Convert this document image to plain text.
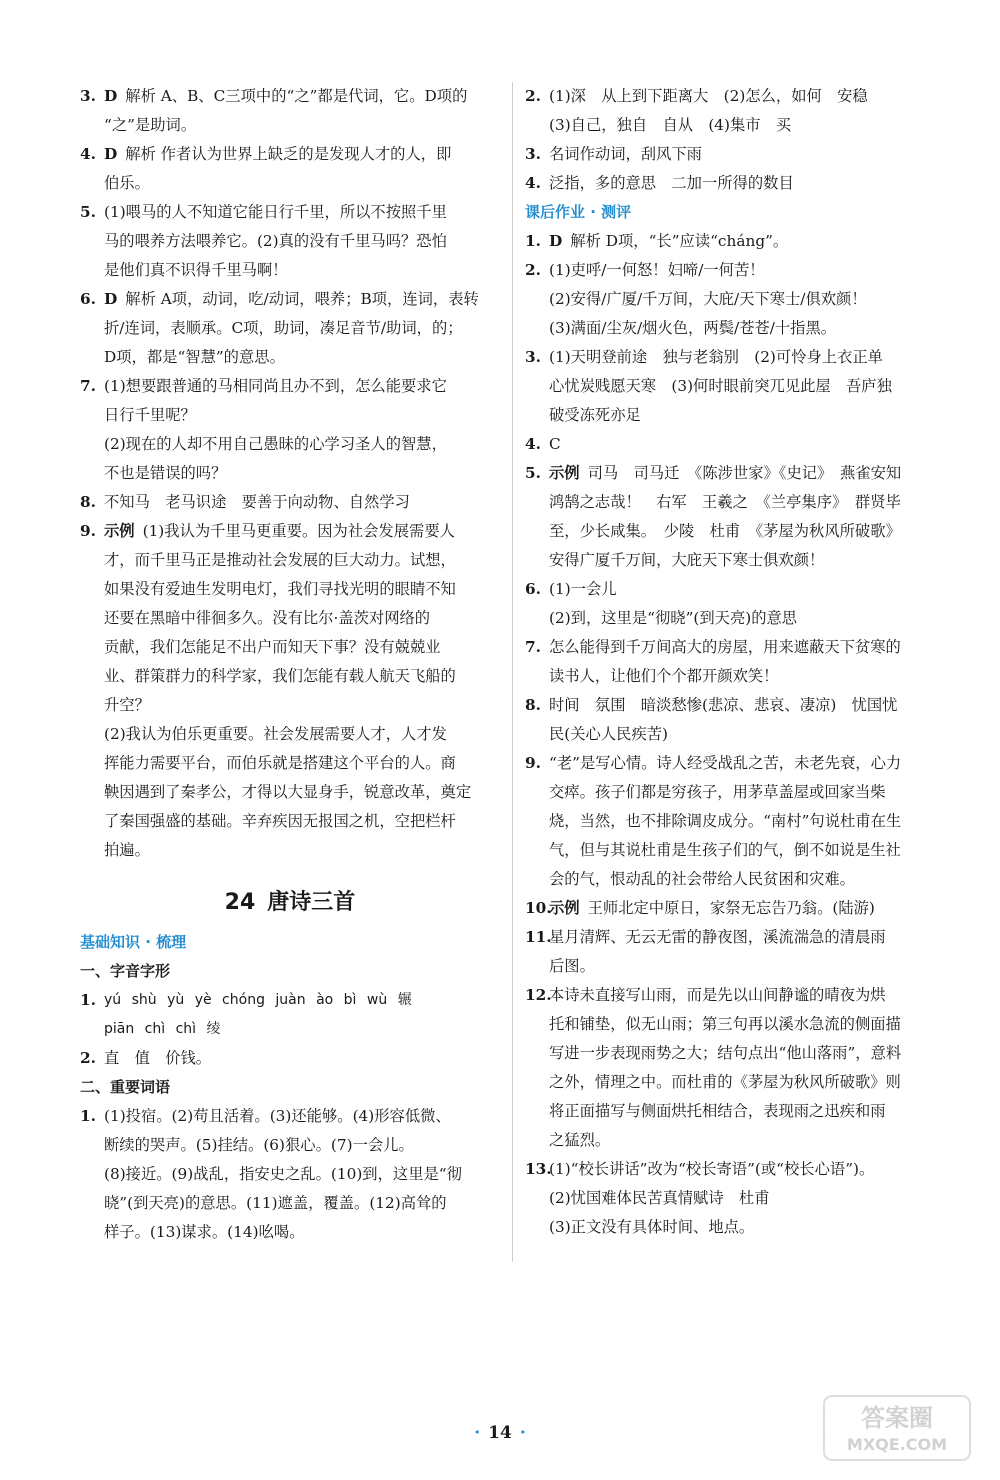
3. D 解析 A、B、C三项中的“之”都是代词，它。D项的
“之”是助词。
4. D 解析 作者认为世界上缺乏的是发现人才的人，即
伯乐。
5. (1)喂马的人不知道它能日行千里，所以不按照千里
马的喂养方法喂养它。(2)真的没有千里马吗？恐怕
是他们真不识得千里马啊！
6. D 解析 A项，动词，吃/动词，喂养；B项，连词，表转
折/连词，表顺承。C项，助词，凑足音节/助词，的；
D项，都是“智慧”的意思。
7. (1)想要跟普通的马相同尚且办不到，怎么能要求它
日行千里呢？
(2)现在的人却不用自己愚昧的心学习圣人的智慧，
不也是错误的吗？
8. 不知马　老马识途　要善于向动物、自然学习
9. 示例 (1)我认为千里马更重要。因为社会发展需要人
才，而千里马正是推动社会发展的巨大动力。试想，
如果没有爱迪生发明电灯，我们寻找光明的眼睛不知
还要在黑暗中徘徊多久。没有比尔·盖茨对网络的
贡献，我们怎能足不出户而知天下事？没有兢兢业
业、群策群力的科学家，我们怎能有载人航天飞船的
升空？
(2)我认为伯乐更重要。社会发展需要人才，人才发
挥能力需要平台，而伯乐就是搭建这个平台的人。商
鞅因遇到了秦孝公，才得以大显身手，锐意改革，奠定
了秦国强盛的基础。辛弃疾因无报国之机，空把栏杆
拍遍。
24 唐诗三首
基础知识 · 梳理
一、字音字形
1. yú shù yù yè chóng juàn ào bì wù 辗
piān chì chì 绫
2. 直　值　价钱。
二、重要词语
1. (1)投宿。(2)苟且活着。(3)还能够。(4)形容低微、
断续的哭声。(5)挂结。(6)狠心。(7)一会儿。
(8)接近。(9)战乱，指安史之乱。(10)到，这里是“彻
晓”(到天亮)的意思。(11)遮盖，覆盖。(12)高耸的
样子。(13)谋求。(14)吆喝。
2. (1)深　从上到下距离大　(2)怎么，如何　安稳
(3)自己，独自　自从　(4)集市　买
3. 名词作动词，刮风下雨
4. 泛指，多的意思　二加一所得的数目
课后作业 · 测评
1. D 解析 D项，“长”应读“cháng”。
2. (1)吏呼/一何怒！妇啼/一何苦！
(2)安得/广厦/千万间，大庇/天下寒士/俱欢颜！
(3)满面/尘灰/烟火色，两鬓/苍苍/十指黑。
3. (1)天明登前途　独与老翁别　(2)可怜身上衣正单
心忧炭贱愿天寒　(3)何时眼前突兀见此屋　吾庐独
破受冻死亦足
4. C
5. 示例 司马　司马迁　《陈涉世家》《史记》　燕雀安知
鸿鹄之志哉！　右军　王羲之　《兰亭集序》　群贤毕
至，少长咸集。　少陵　杜甫　《茅屋为秋风所破歌》
安得广厦千万间，大庇天下寒士俱欢颜！
6. (1)一会儿
(2)到，这里是“彻晓”(到天亮)的意思
7. 怎么能得到千万间高大的房屋，用来遮蔽天下贫寒的
读书人，让他们个个都开颜欢笑！
8. 时间　氛围　暗淡愁惨(悲凉、悲哀、凄凉)　忧国忧
民(关心人民疾苦)
9. “老”是写心情。诗人经受战乱之苦，未老先衰，心力
交瘁。孩子们都是穷孩子，用茅草盖屋或回家当柴
烧，当然，也不排除调皮成分。“南村”句说杜甫在生
气，但与其说杜甫是生孩子们的气，倒不如说是生社
会的气，恨动乱的社会带给人民贫困和灾难。
10.
示例 王师北定中原日，家祭无忘告乃翁。(陆游)
11.
星月清辉、无云无雷的静夜图，溪流湍急的清晨雨
后图。
12.
本诗未直接写山雨，而是先以山间静谧的晴夜为烘
托和铺垫，似无山雨；第三句再以溪水急流的侧面描
写进一步表现雨势之大；结句点出“他山落雨”，意料
之外，情理之中。而杜甫的《茅屋为秋风所破歌》则
将正面描写与侧面烘托相结合，表现雨之迅疾和雨
之猛烈。
13.
(1)“校长讲话”改为“校长寄语”(或“校长心语”)。
(2)忧国难体民苦真情赋诗　杜甫
(3)正文没有具体时间、地点。
· 14 ·
答案圈
MXQE.COM
